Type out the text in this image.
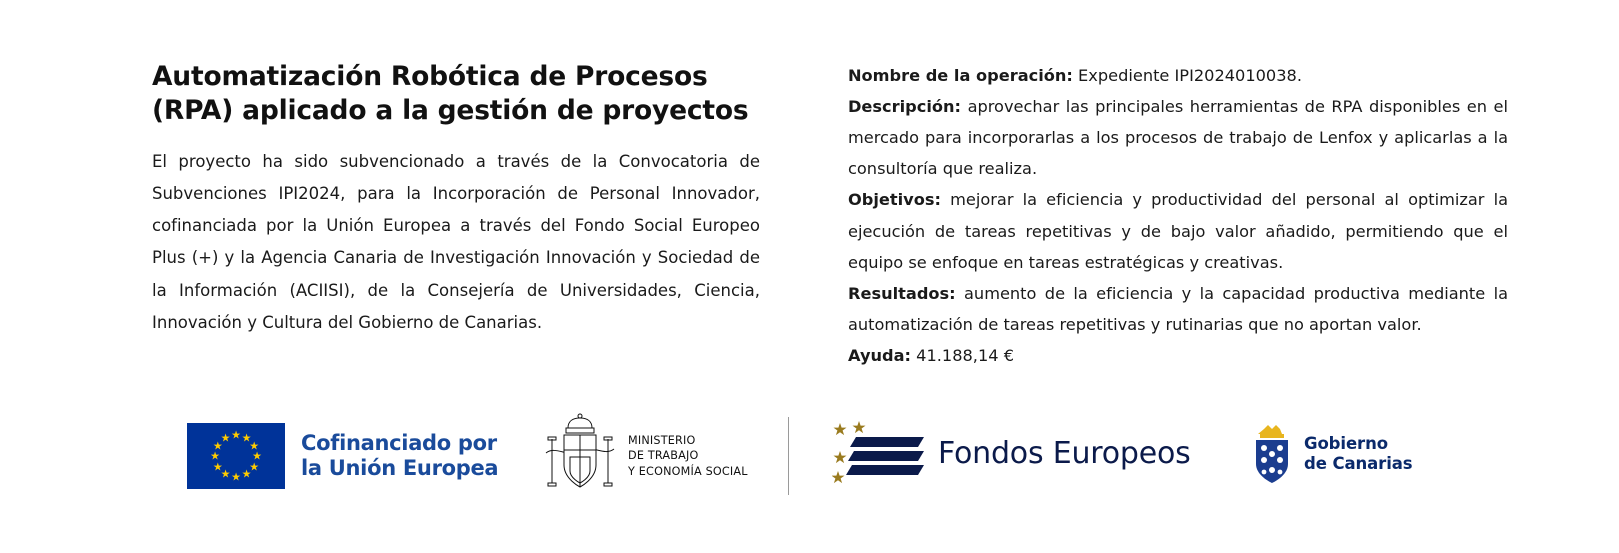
Automatización Robótica de Procesos
(RPA) aplicado a la gestión de proyectos

El proyecto ha sido subvencionado a través de la Convocatoria de Subvenciones IPI2024, para la Incorporación de Personal Innovador, cofinanciada por la Unión Europea a través del Fondo Social Europeo Plus (+) y la Agencia Canaria de Investigación Innovación y Sociedad de la Información (ACIISI), de la Consejería de Universidades, Ciencia, Innovación y Cultura del Gobierno de Canarias.

Nombre de la operación: Expediente IPI2024010038.

Descripción: aprovechar las principales herramientas de RPA disponibles en el mercado para incorporarlas a los procesos de trabajo de Lenfox y aplicarlas a la consultoría que realiza.

Objetivos: mejorar la eficiencia y productividad del personal al optimizar la ejecución de tareas repetitivas y de bajo valor añadido, permitiendo que el equipo se enfoque en tareas estratégicas y creativas.

Resultados: aumento de la eficiencia y la capacidad productiva mediante la automatización de tareas repetitivas y rutinarias que no aportan valor.

Ayuda: 41.188,14 €

★ ★
★
★
★
★
★
★
★
★
★
★	Cofinanciado por
la Unión Europea
MINISTERIO
DE TRABAJO
Y ECONOMÍA SOCIAL
Fondos Europeos	Gobierno
de Canarias
